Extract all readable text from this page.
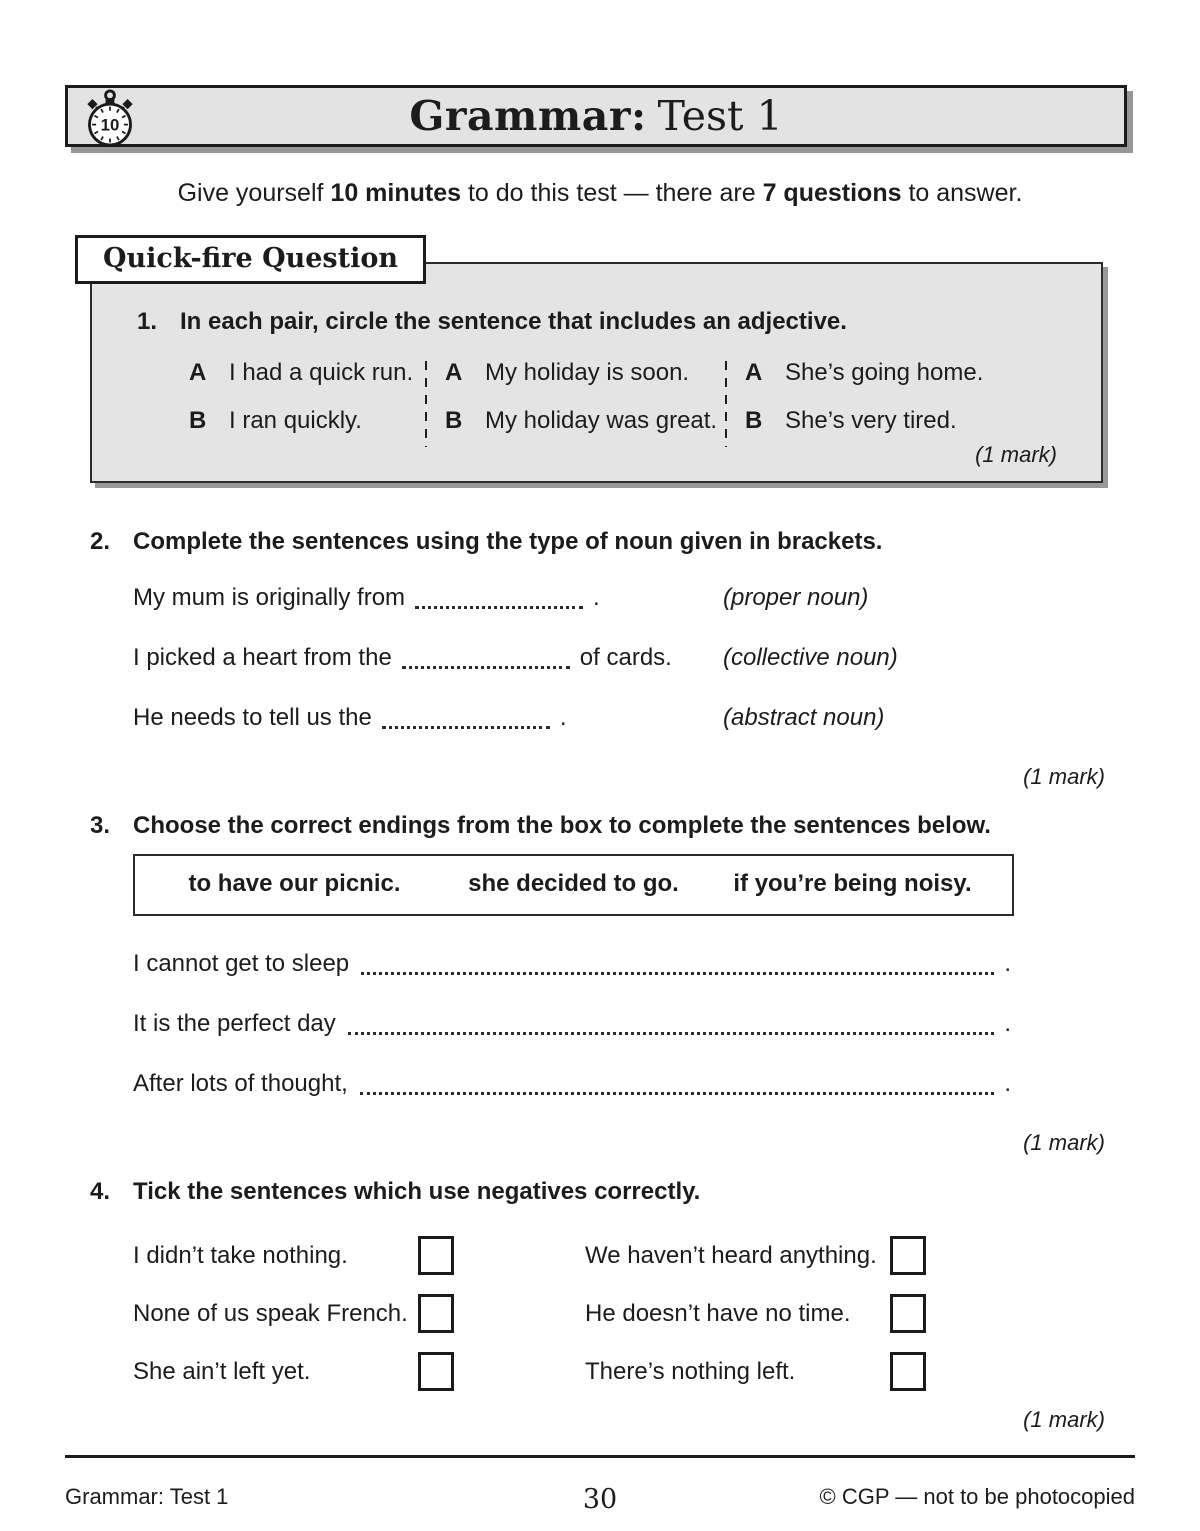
10	Grammar: Test 1
Give yourself 10 minutes to do this test — there are 7 questions to answer.
Quick-fire Question
1. In each pair, circle the sentence that includes an adjective.
A I had a quick run.
B I ran quickly.
A My holiday is soon.
B My holiday was great.
A She’s going home.
B She’s very tired.
(1 mark)
2. Complete the sentences using the type of noun given in brackets.
My mum is originally from	.	(proper noun)
I picked a heart from the	of cards. (collective noun)
He needs to tell us the	.	(abstract noun)
(1 mark)
3. Choose the correct endings from the box to complete the sentences below.
to have our picnic.	she decided to go.	if you’re being noisy.
I cannot get to sleep	.
It is the perfect day	.
After lots of thought,	.
(1 mark)
4. Tick the sentences which use negatives correctly.
I didn’t take nothing.	We haven’t heard anything.
None of us speak French.	He doesn’t have no time.
She ain’t left yet.	There’s nothing left.
(1 mark)
Grammar: Test 1	30	© CGP — not to be photocopied
